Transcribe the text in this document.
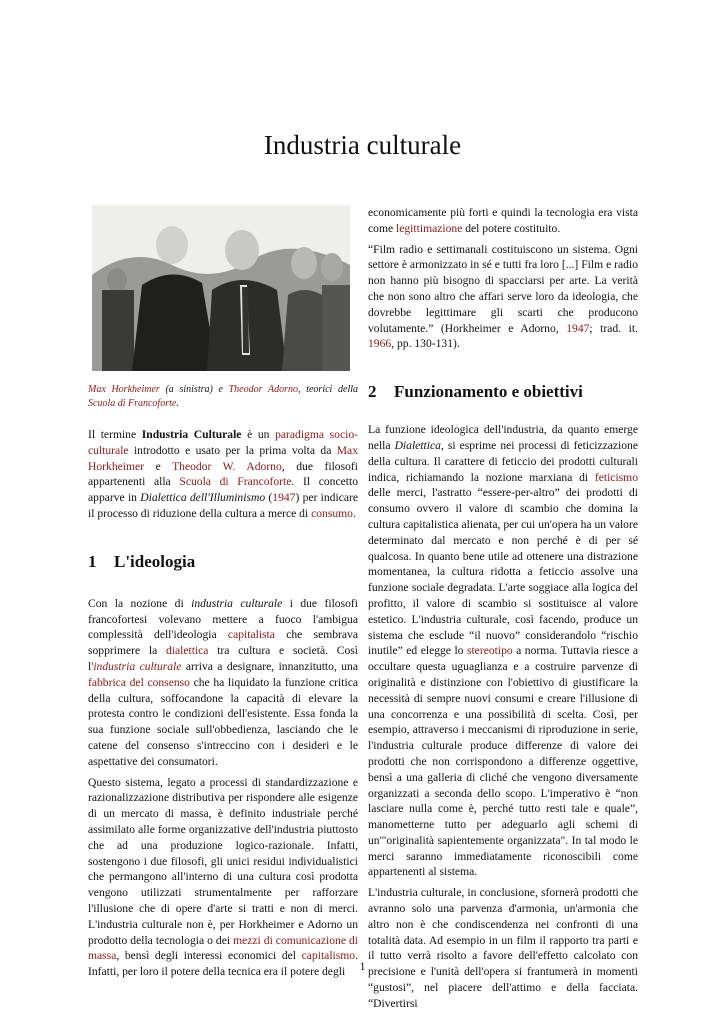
Industria culturale
Max Horkheimer (a sinistra) e Theodor Adorno, teorici della Scuola di Francoforte.

Il termine Industria Culturale è un paradigma socio-culturale introdotto e usato per la prima volta da Max Horkheimer e Theodor W. Adorno, due filosofi appartenenti alla Scuola di Francoforte. Il concetto apparve in Dialettica dell'Illuminismo (1947) per indicare il processo di riduzione della cultura a merce di consumo.

1 L'ideologia

Con la nozione di industria culturale i due filosofi francofortesi volevano mettere a fuoco l'ambigua complessità dell'ideologia capitalista che sembrava sopprimere la dialettica tra cultura e società. Così l'industria culturale arriva a designare, innanzitutto, una fabbrica del consenso che ha liquidato la funzione critica della cultura, soffocandone la capacità di elevare la protesta contro le condizioni dell'esistente. Essa fonda la sua funzione sociale sull'obbedienza, lasciando che le catene del consenso s'intreccino con i desideri e le aspettative dei consumatori.

Questo sistema, legato a processi di standardizzazione e razionalizzazione distributiva per rispondere alle esigenze di un mercato di massa, è definito industriale perché assimilato alle forme organizzative dell'industria piuttosto che ad una produzione logico-razionale. Infatti, sostengono i due filosofi, gli unici residui individualistici che permangono all'interno di una cultura così prodotta vengono utilizzati strumentalmente per rafforzare l'illusione che di opere d'arte si tratti e non di merci. L'industria culturale non è, per Horkheimer e Adorno un prodotto della tecnologia o dei mezzi di comunicazione di massa, bensì degli interessi economici del capitalismo. Infatti, per loro il potere della tecnica era il potere degli

economicamente più forti e quindi la tecnologia era vista come legittimazione del potere costituito.

“Film radio e settimanali costituiscono un sistema. Ogni settore è armonizzato in sé e tutti fra loro [...] Film e radio non hanno più bisogno di spacciarsi per arte. La verità che non sono altro che affari serve loro da ideologia, che dovrebbe legittimare gli scarti che producono volutamente.” (Horkheimer e Adorno, 1947; trad. it. 1966, pp. 130-131).

2 Funzionamento e obiettivi

La funzione ideologica dell'industria, da quanto emerge nella Dialettica, si esprime nei processi di feticizzazione della cultura. Il carattere di feticcio dei prodotti culturali indica, richiamando la nozione marxiana di feticismo delle merci, l'astratto “essere-per-altro” dei prodotti di consumo ovvero il valore di scambio che domina la cultura capitalistica alienata, per cui un'opera ha un valore determinato dal mercato e non perché è di per sé qualcosa. In quanto bene utile ad ottenere una distrazione momentanea, la cultura ridotta a feticcio assolve una funzione sociale degradata. L'arte soggiace alla logica del profitto, il valore di scambio si sostituisce al valore estetico. L'industria culturale, così facendo, produce un sistema che esclude “il nuovo” considerandolo “rischio inutile” ed elegge lo stereotipo a norma. Tuttavia riesce a occultare questa uguaglianza e a costruire parvenze di originalità e distinzione con l'obiettivo di giustificare la necessità di sempre nuovi consumi e creare l'illusione di una concorrenza e una possibilità di scelta. Così, per esempio, attraverso i meccanismi di riproduzione in serie, l'industria culturale produce differenze di valore dei prodotti che non corrispondono a differenze oggettive, bensì a una galleria di cliché che vengono diversamente organizzati a seconda dello scopo. L'imperativo è “non lasciare nulla come è, perché tutto resti tale e quale”, manometterne tutto per adeguarlo agli schemi di un'"originalità sapientemente organizzata". In tal modo le merci saranno immediatamente riconoscibili come appartenenti al sistema.

L'industria culturale, in conclusione, sfornerà prodotti che avranno solo una parvenza d'armonia, un'armonia che altro non è che condiscendenza nei confronti di una totalità data. Ad esempio in un film il rapporto tra parti e il tutto verrà risolto a favore dell'effetto calcolato con precisione e l'unità dell'opera si frantumerà in momenti “gustosi”, nel piacere dell'attimo e della facciata. “Divertirsi

1
